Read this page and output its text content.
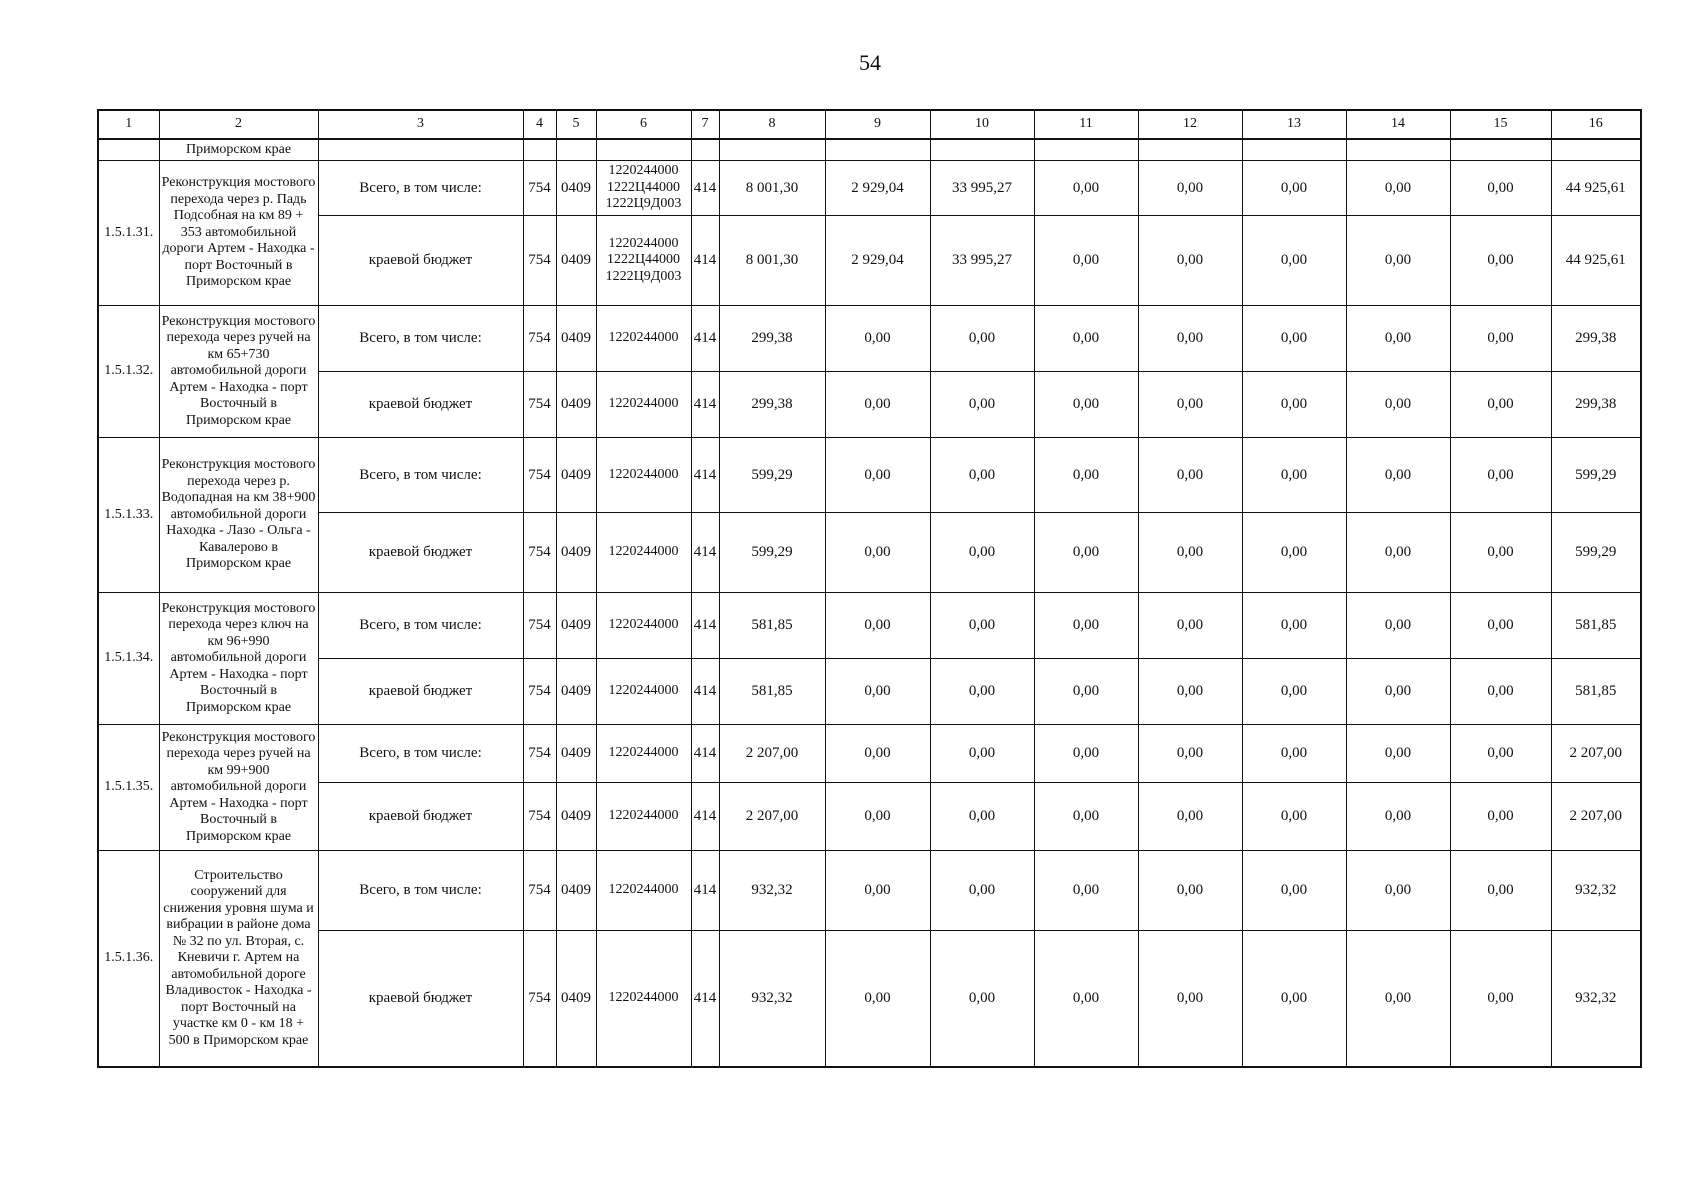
54
1	2	3	4	5	6	7	8	9	10	11	12	13	14	15	16
	Приморском крае														
1.5.1.31.	Реконструкция мостового перехода через р. Падь Подсобная на км 89 + 353 автомобильной дороги Артем - Находка - порт Восточный в Приморском крае	Всего, в том числе:	754	0409	1220244000 1222Ц44000 1222Ц9Д003	414	8 001,30	2 929,04	33 995,27	0,00	0,00	0,00	0,00	0,00	44 925,61
		краевой бюджет	754	0409	1220244000 1222Ц44000 1222Ц9Д003	414	8 001,30	2 929,04	33 995,27	0,00	0,00	0,00	0,00	0,00	44 925,61
1.5.1.32.	Реконструкция мостового перехода через ручей на км 65+730 автомобильной дороги Артем - Находка - порт Восточный в Приморском крае	Всего, в том числе:	754	0409	1220244000	414	299,38	0,00	0,00	0,00	0,00	0,00	0,00	0,00	299,38
		краевой бюджет	754	0409	1220244000	414	299,38	0,00	0,00	0,00	0,00	0,00	0,00	0,00	299,38
1.5.1.33.	Реконструкция мостового перехода через р. Водопадная на км 38+900 автомобильной дороги Находка - Лазо - Ольга - Кавалерово в Приморском крае	Всего, в том числе:	754	0409	1220244000	414	599,29	0,00	0,00	0,00	0,00	0,00	0,00	0,00	599,29
		краевой бюджет	754	0409	1220244000	414	599,29	0,00	0,00	0,00	0,00	0,00	0,00	0,00	599,29
1.5.1.34.	Реконструкция мостового перехода через ключ на км 96+990 автомобильной дороги Артем - Находка - порт Восточный в Приморском крае	Всего, в том числе:	754	0409	1220244000	414	581,85	0,00	0,00	0,00	0,00	0,00	0,00	0,00	581,85
		краевой бюджет	754	0409	1220244000	414	581,85	0,00	0,00	0,00	0,00	0,00	0,00	0,00	581,85
1.5.1.35.	Реконструкция мостового перехода через ручей на км 99+900 автомобильной дороги Артем - Находка - порт Восточный в Приморском крае	Всего, в том числе:	754	0409	1220244000	414	2 207,00	0,00	0,00	0,00	0,00	0,00	0,00	0,00	2 207,00
		краевой бюджет	754	0409	1220244000	414	2 207,00	0,00	0,00	0,00	0,00	0,00	0,00	0,00	2 207,00
1.5.1.36.	Строительство сооружений для снижения уровня шума и вибрации в районе дома № 32 по ул. Вторая, с. Кневичи г. Артем на автомобильной дороге Владивосток - Находка - порт Восточный на участке км 0 - км 18 + 500 в Приморском крае	Всего, в том числе:	754	0409	1220244000	414	932,32	0,00	0,00	0,00	0,00	0,00	0,00	0,00	932,32
		краевой бюджет	754	0409	1220244000	414	932,32	0,00	0,00	0,00	0,00	0,00	0,00	0,00	932,32
